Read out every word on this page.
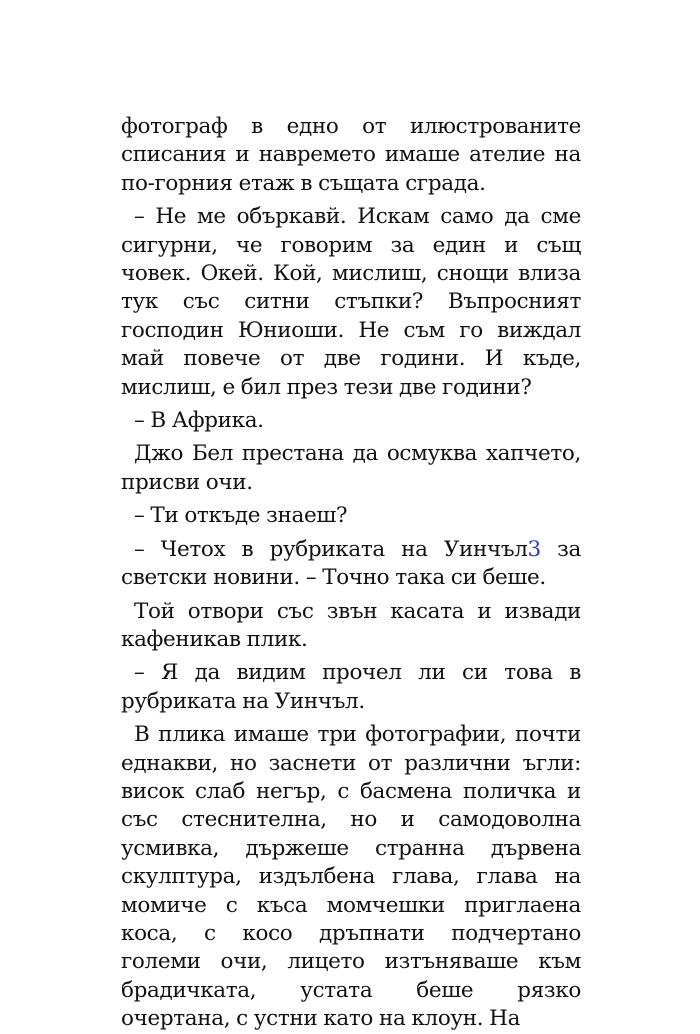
фотограф в едно от илюстрованите списания и навремето имаше ателие на по-горния етаж в същата сграда.

– Не ме объркавй. Искам само да сме сигурни, че говорим за един и същ човек. Окей. Кой, мислиш, снощи влиза тук със ситни стъпки? Въпросният господин Юниоши. Не съм го виждал май повече от две години. И къде, мислиш, е бил през тези две години?

– В Африка.

Джо Бел престана да осмуква хапчето, присви очи.

– Ти откъде знаеш?

– Четох в рубриката на Уинчъл3 за светски новини. – Точно така си беше.

Той отвори със звън касата и извади кафеникав плик.

– Я да видим прочел ли си това в рубриката на Уинчъл.

В плика имаше три фотографии, почти еднакви, но заснети от различни ъгли: висок слаб негър, с басмена поличка и със стеснителна, но и самодоволна усмивка, държеше странна дървена скулптура, издълбена глава, глава на момиче с къса момчешки приглаена коса, с косо дръпнати подчертано големи очи, лицето изтъняваше към брадичката, устата беше рязко очертана, с устни като на клоун. На
